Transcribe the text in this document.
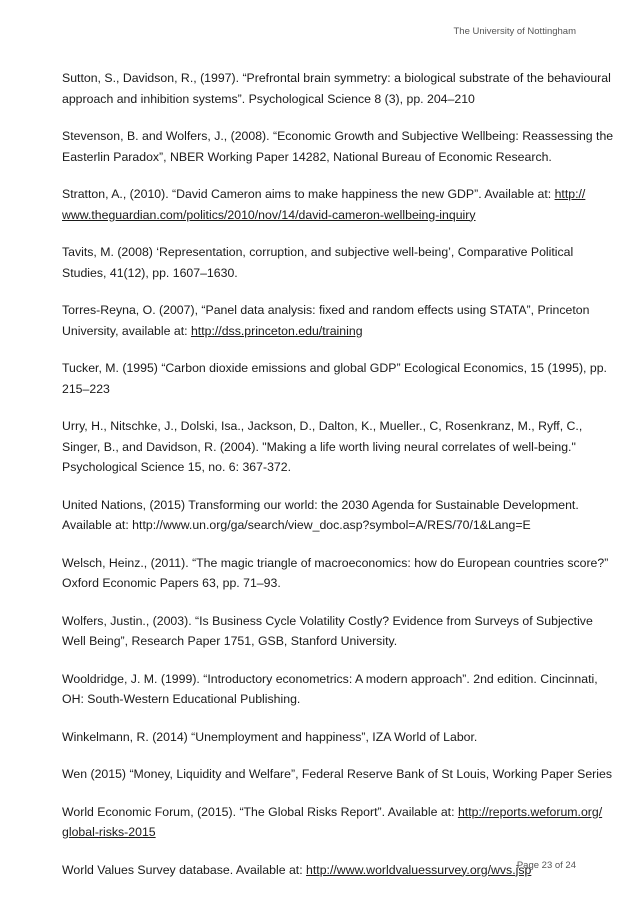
The University of Nottingham
Sutton, S., Davidson, R., (1997). “Prefrontal brain symmetry: a biological substrate of the behavioural
approach and inhibition systems”. Psychological Science 8 (3), pp. 204–210
Stevenson, B. and Wolfers, J., (2008). “Economic Growth and Subjective Wellbeing: Reassessing the
Easterlin Paradox”, NBER Working Paper 14282, National Bureau of Economic Research.
Stratton, A., (2010). “David Cameron aims to make happiness the new GDP”. Available at: http://
www.theguardian.com/politics/2010/nov/14/david-cameron-wellbeing-inquiry
Tavits, M. (2008) ‘Representation, corruption, and subjective well-being’, Comparative Political
Studies, 41(12), pp. 1607–1630.
Torres-Reyna, O. (2007), “Panel data analysis: fixed and random effects using STATA”, Princeton
University, available at: http://dss.princeton.edu/training
Tucker, M. (1995) “Carbon dioxide emissions and global GDP” Ecological Economics, 15 (1995), pp.
215–223
Urry, H., Nitschke, J., Dolski, Isa., Jackson, D., Dalton, K., Mueller., C, Rosenkranz, M., Ryff, C.,
Singer, B., and Davidson, R. (2004). "Making a life worth living neural correlates of well-being."
Psychological Science 15, no. 6: 367-372.
United Nations, (2015) Transforming our world: the 2030 Agenda for Sustainable Development.
Available at: http://www.un.org/ga/search/view_doc.asp?symbol=A/RES/70/1&Lang=E
Welsch, Heinz., (2011). “The magic triangle of macroeconomics: how do European countries score?”
Oxford Economic Papers 63, pp. 71–93.
Wolfers, Justin., (2003). “Is Business Cycle Volatility Costly? Evidence from Surveys of Subjective
Well Being”, Research Paper 1751, GSB, Stanford University.
Wooldridge, J. M. (1999). “Introductory econometrics: A modern approach”. 2nd edition. Cincinnati,
OH: South-Western Educational Publishing.
Winkelmann, R. (2014) “Unemployment and happiness”, IZA World of Labor.
Wen (2015) “Money, Liquidity and Welfare”, Federal Reserve Bank of St Louis, Working Paper Series
World Economic Forum, (2015). “The Global Risks Report”. Available at: http://reports.weforum.org/
global-risks-2015
World Values Survey database. Available at: http://www.worldvaluessurvey.org/wvs.jsp
Page 23 of 24
